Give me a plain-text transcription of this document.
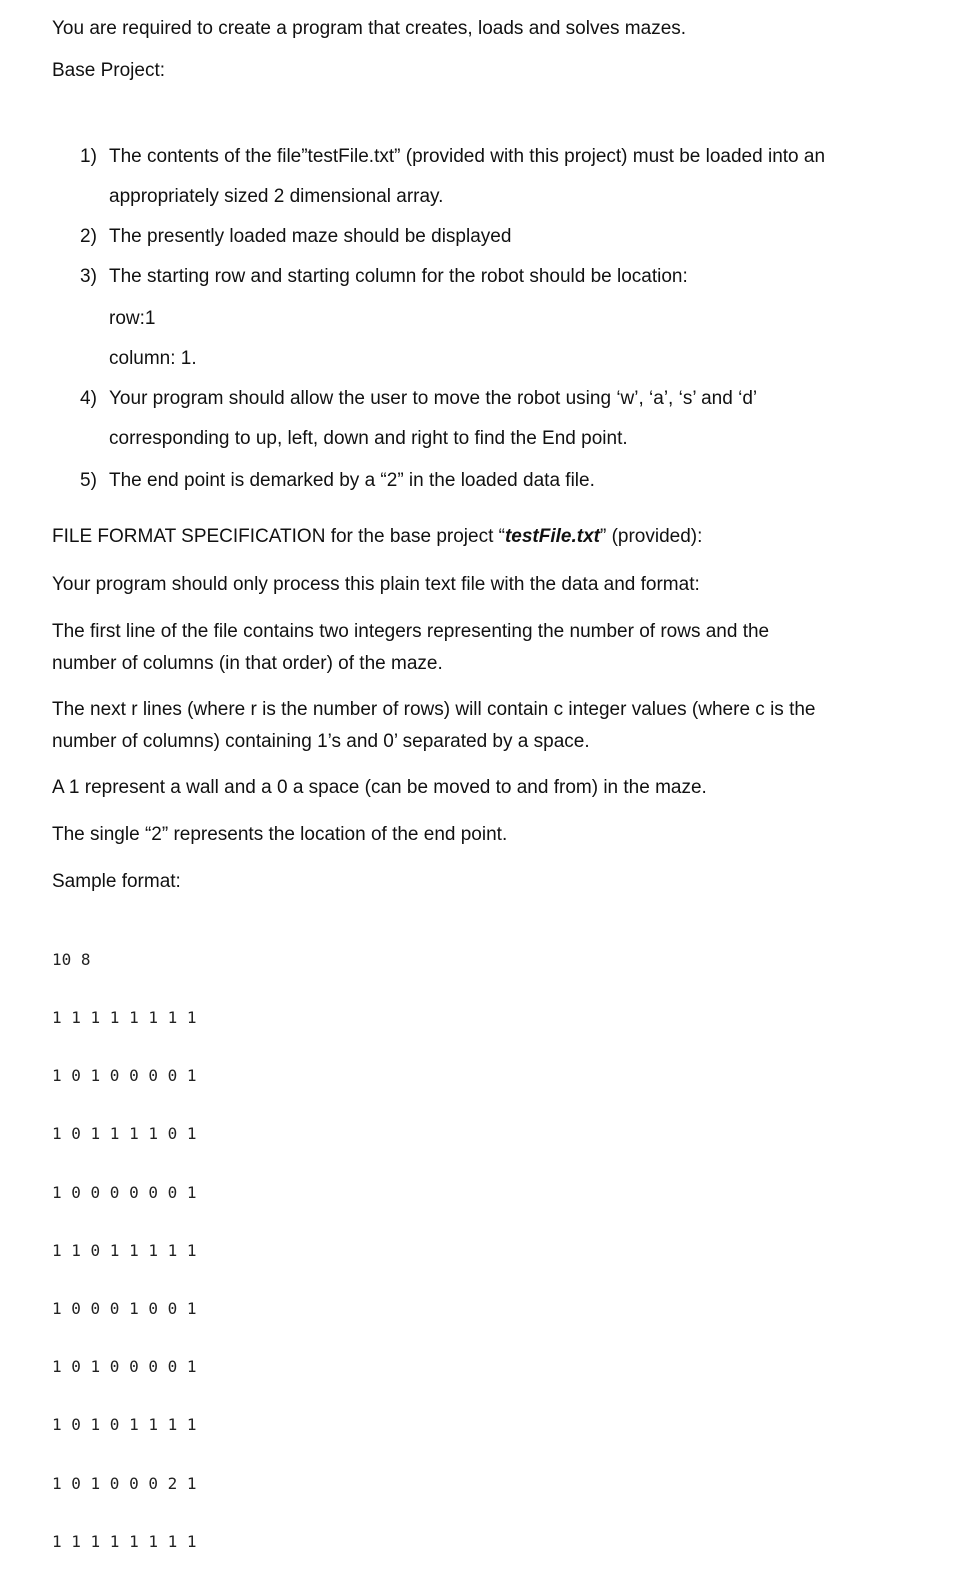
You are required to create a program that creates, loads and solves mazes.
Base Project:
1) The contents of the file”testFile.txt” (provided with this project) must be loaded into an
appropriately sized 2 dimensional array.
2) The presently loaded maze should be displayed
3) The starting row and starting column for the robot should be location:
row:1
column: 1.
4) Your program should allow the user to move the robot using ‘w’, ‘a’, ‘s’ and ‘d’
corresponding to up, left, down and right to find the End point.
5) The end point is demarked by a “2” in the loaded data file.
FILE FORMAT SPECIFICATION for the base project “testFile.txt” (provided):
Your program should only process this plain text file with the data and format:
The first line of the file contains two integers representing the number of rows and the
number of columns (in that order) of the maze.
The next r lines (where r is the number of rows) will contain c integer values (where c is the
number of columns) containing 1’s and 0’ separated by a space.
A 1 represent a wall and a 0 a space (can be moved to and from) in the maze.
The single “2” represents the location of the end point.
Sample format:

10 8

1 1 1 1 1 1 1 1

1 0 1 0 0 0 0 1

1 0 1 1 1 1 0 1

1 0 0 0 0 0 0 1

1 1 0 1 1 1 1 1

1 0 0 0 1 0 0 1

1 0 1 0 0 0 0 1

1 0 1 0 1 1 1 1

1 0 1 0 0 0 2 1

1 1 1 1 1 1 1 1
